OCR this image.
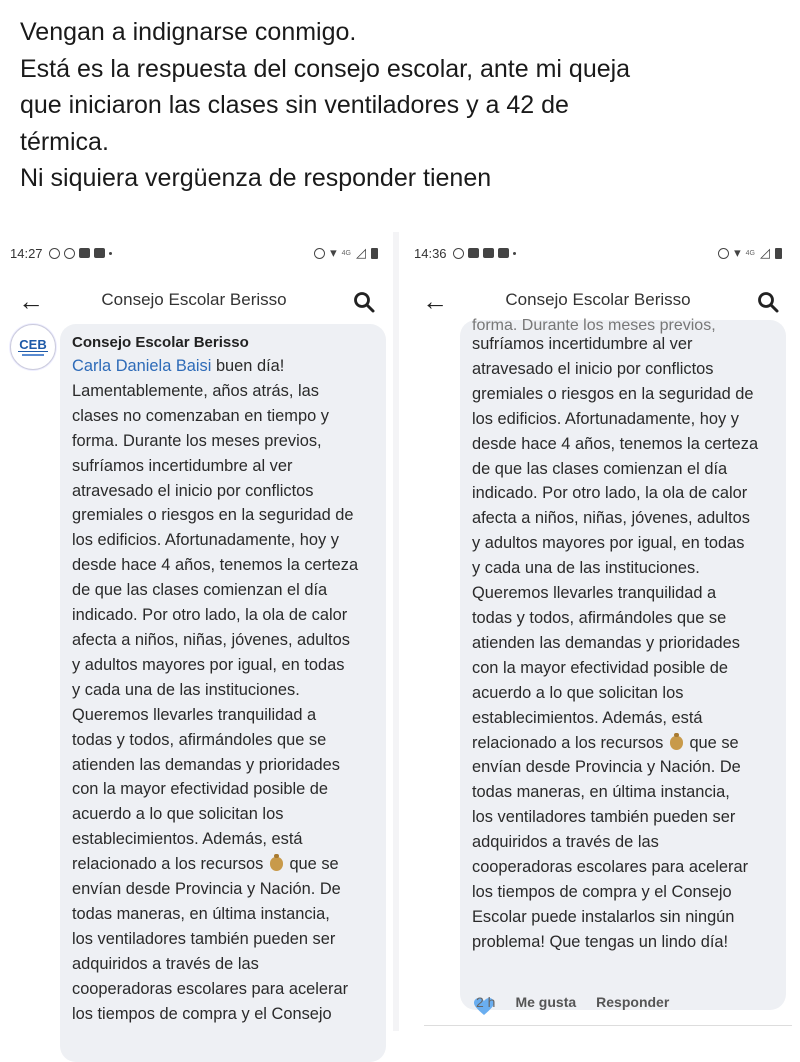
Vengan a indignarse conmigo.
Está es la respuesta del consejo escolar, ante mi queja
que iniciaron las clases sin ventiladores y a 42 de
térmica.
Ni siquiera vergüenza de responder tienen
14:27	▾ 4G ◿
←	Consejo Escolar Berisso
CEB Consejo Escolar Berisso
Carla Daniela Baisi buen día!
Lamentablemente, años atrás, las
clases no comenzaban en tiempo y
forma. Durante los meses previos,
sufríamos incertidumbre al ver
atravesado el inicio por conflictos
gremiales o riesgos en la seguridad de
los edificios. Afortunadamente, hoy y
desde hace 4 años, tenemos la certeza
de que las clases comienzan el día
indicado. Por otro lado, la ola de calor
afecta a niños, niñas, jóvenes, adultos
y adultos mayores por igual, en todas
y cada una de las instituciones.
Queremos llevarles tranquilidad a
todas y todos, afirmándoles que se
atienden las demandas y prioridades
con la mayor efectividad posible de
acuerdo a lo que solicitan los
establecimientos. Además, está
relacionado a los recursos  que se
envían desde Provincia y Nación. De
todas maneras, en última instancia,
los ventiladores también pueden ser
adquiridos a través de las
cooperadoras escolares para acelerar
los tiempos de compra y el Consejo
14:36	▾ 4G ◿
←	Consejo Escolar Berisso
forma. Durante los meses previos,
sufríamos incertidumbre al ver
atravesado el inicio por conflictos
gremiales o riesgos en la seguridad de
los edificios. Afortunadamente, hoy y
desde hace 4 años, tenemos la certeza
de que las clases comienzan el día
indicado. Por otro lado, la ola de calor
afecta a niños, niñas, jóvenes, adultos
y adultos mayores por igual, en todas
y cada una de las instituciones.
Queremos llevarles tranquilidad a
todas y todos, afirmándoles que se
atienden las demandas y prioridades
con la mayor efectividad posible de
acuerdo a lo que solicitan los
establecimientos. Además, está
relacionado a los recursos  que se
envían desde Provincia y Nación. De
todas maneras, en última instancia,
los ventiladores también pueden ser
adquiridos a través de las
cooperadoras escolares para acelerar
los tiempos de compra y el Consejo
Escolar puede instalarlos sin ningún
problema! Que tengas un lindo día!
2 h Me gusta Responder
